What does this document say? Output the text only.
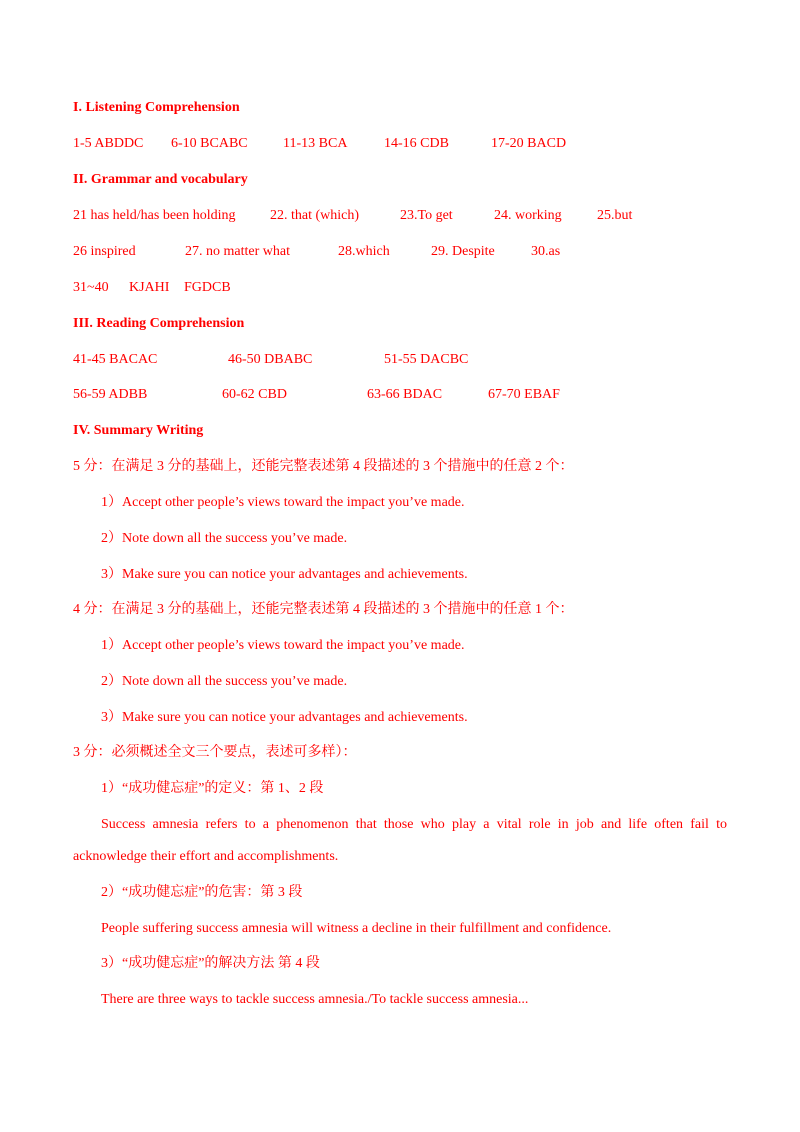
I. Listening Comprehension
1-5 ABDDC 6-10 BCABC	11-13 BCA	14-16 CDB	17-20 BACD
II. Grammar and vocabulary
21 has held/has been holding 22. that (which)	23.To get	24. working	25.but
26 inspired	27. no matter what	28.which	29. Despite	30.as
31~40 KJAHI FGDCB
III. Reading Comprehension
41-45 BACAC	46-50 DBABC	51-55 DACBC
56-59 ADBB	60-62 CBD	63-66 BDAC	67-70 EBAF
IV. Summary Writing
5 分：在满足 3 分的基础上，还能完整表述第 4 段描述的 3 个措施中的任意 2 个：
1）Accept other people’s views toward the impact you’ve made.
2）Note down all the success you’ve made.
3）Make sure you can notice your advantages and achievements.
4 分：在满足 3 分的基础上，还能完整表述第 4 段描述的 3 个措施中的任意 1 个：
1）Accept other people’s views toward the impact you’ve made.
2）Note down all the success you’ve made.
3）Make sure you can notice your advantages and achievements.
3 分：必须概述全文三个要点，表述可多样）：
1）“成功健忘症”的定义：第 1、2 段
Success amnesia refers to a phenomenon that those who play a vital role in job and life often fail to
acknowledge their effort and accomplishments.
2）“成功健忘症”的危害：第 3 段
People suffering success amnesia will witness a decline in their fulfillment and confidence.
3）“成功健忘症”的解决方法 第 4 段
There are three ways to tackle success amnesia./To tackle success amnesia...
